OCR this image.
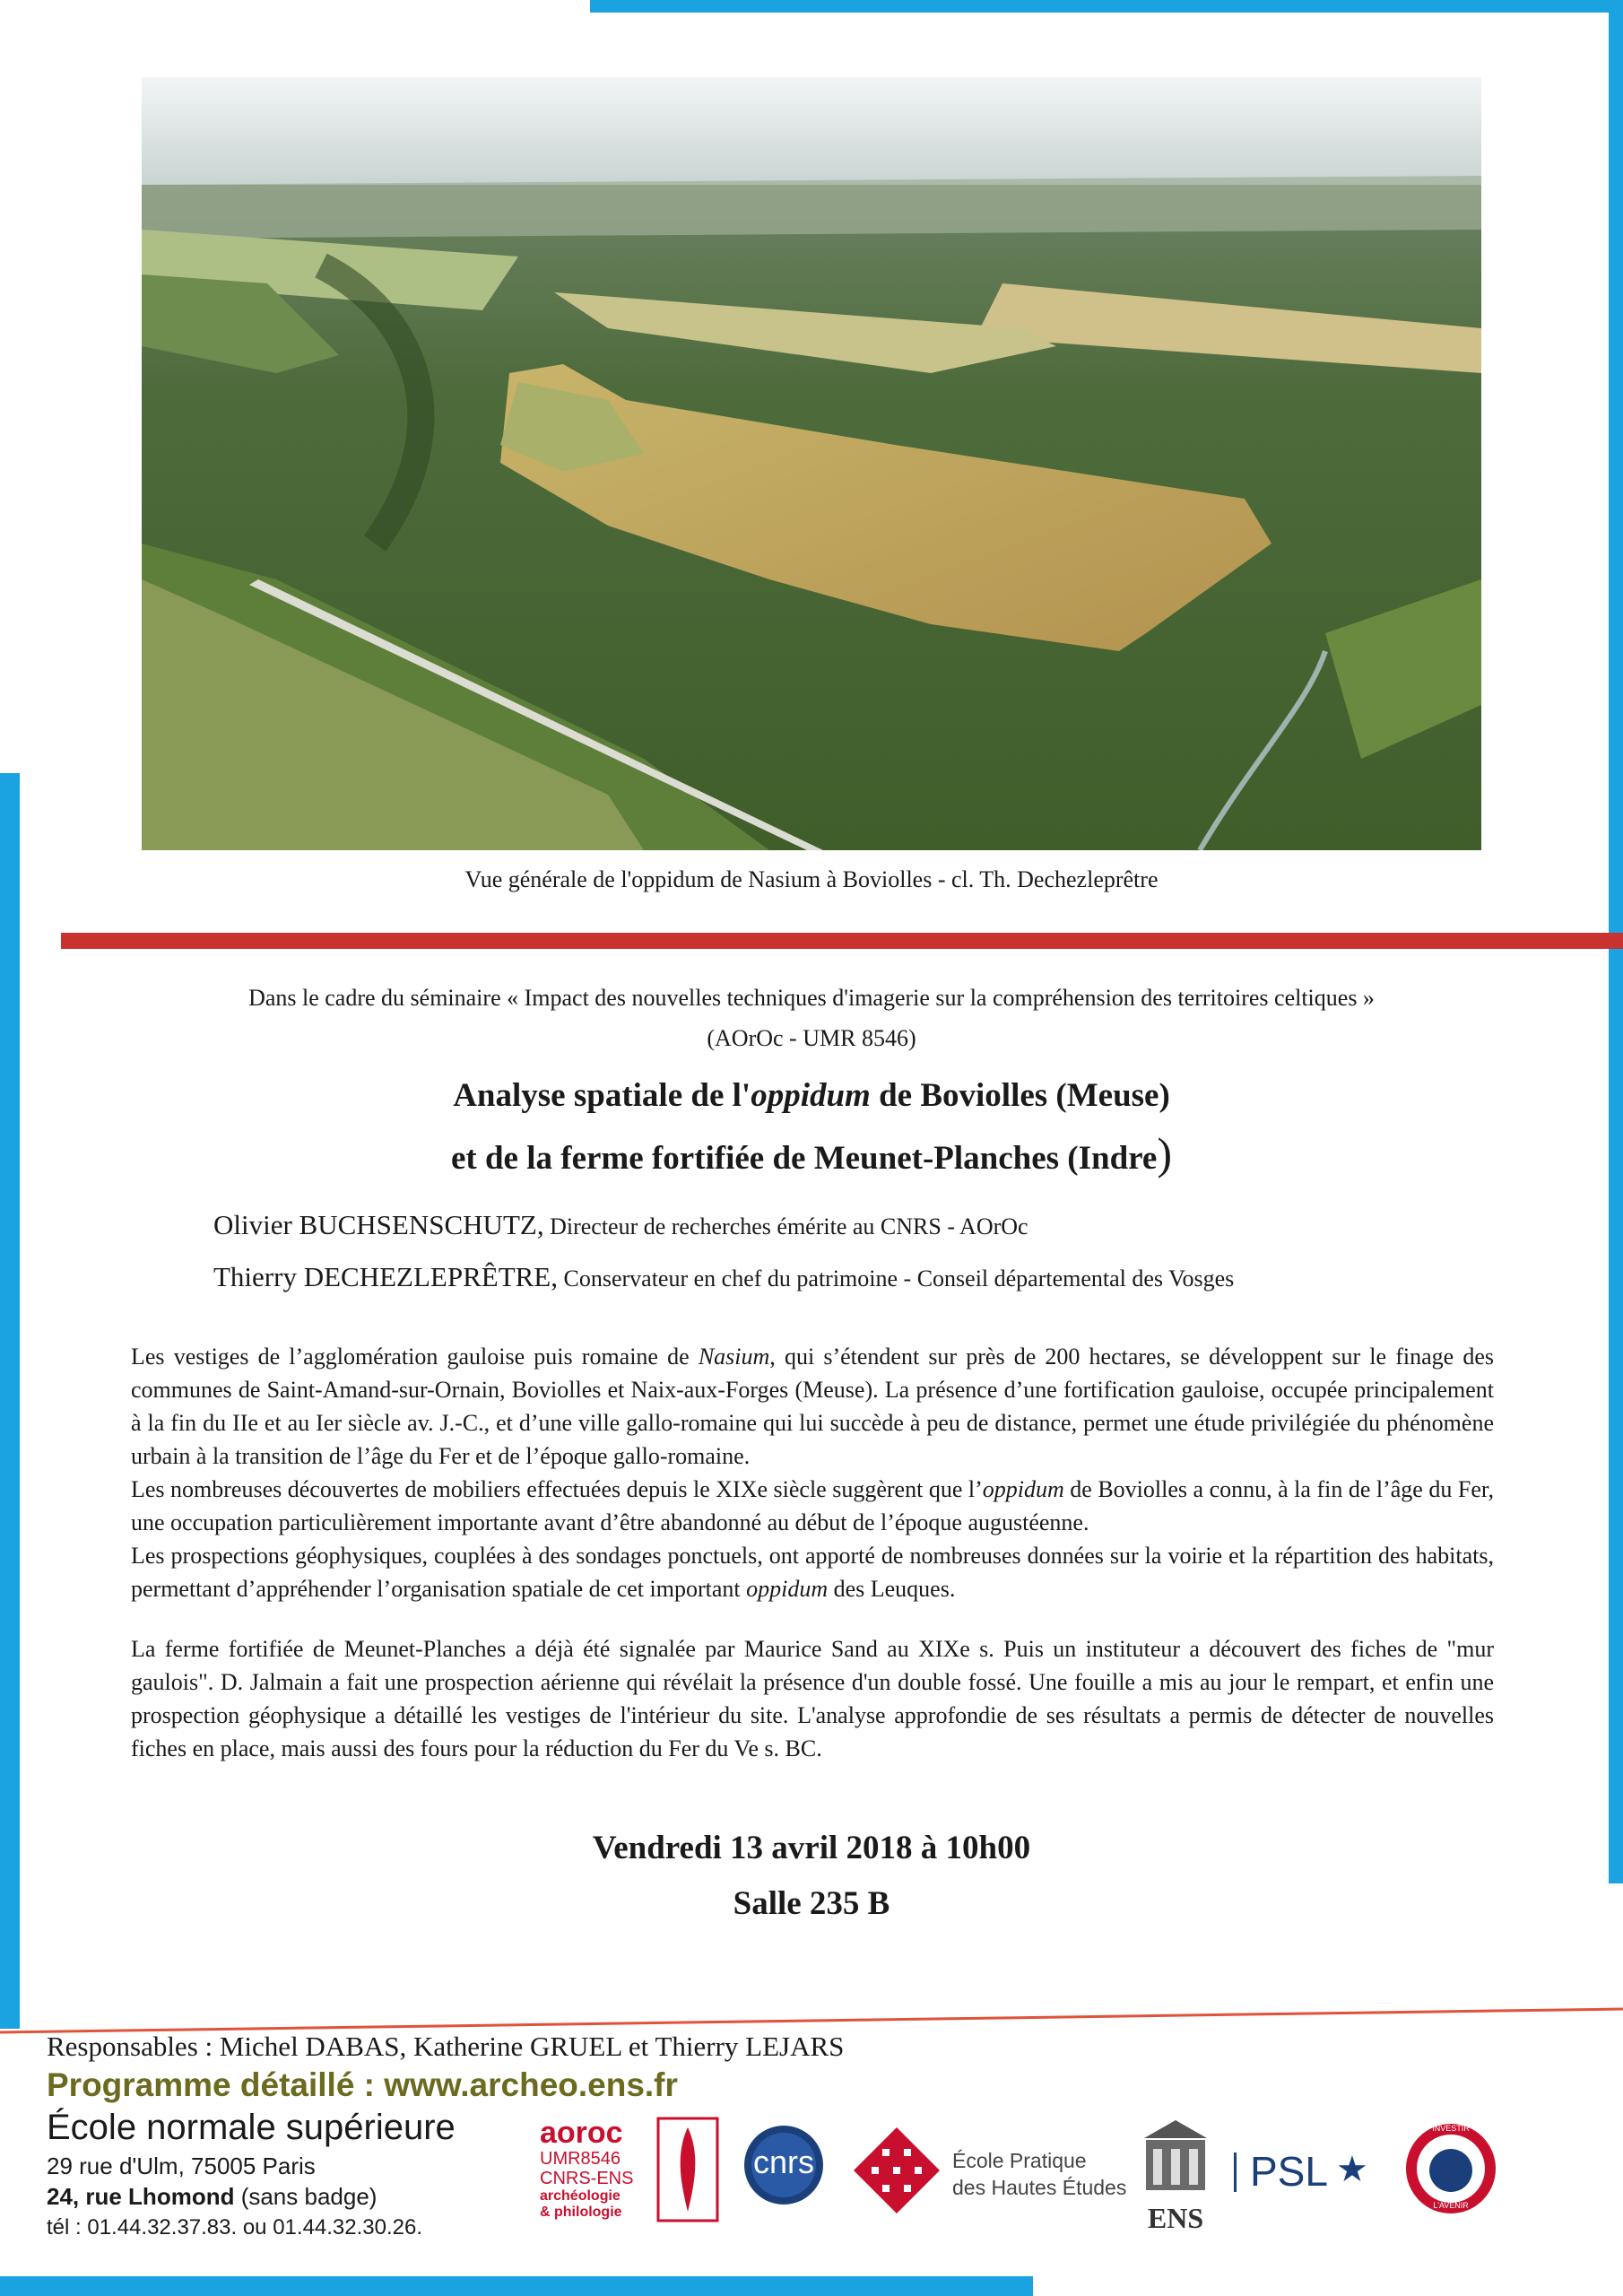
Vue générale de l'oppidum de Nasium à Boviolles - cl. Th. Dechezleprêtre
Dans le cadre du séminaire « Impact des nouvelles techniques d'imagerie sur la compréhension des territoires celtiques »
(AOrOc - UMR 8546)
Analyse spatiale de l'oppidum de Boviolles (Meuse)
et de la ferme fortifiée de Meunet-Planches (Indre)
Olivier BUCHSENSCHUTZ, Directeur de recherches émérite au CNRS - AOrOc
Thierry DECHEZLEPRÊTRE, Conservateur en chef du patrimoine - Conseil départemental des Vosges
Les vestiges de l’agglomération gauloise puis romaine de Nasium, qui s’étendent sur près de 200 hectares, se développent sur le finage des communes de Saint-Amand-sur-Ornain, Boviolles et Naix-aux-Forges (Meuse). La présence d’une fortification gauloise, occupée principalement à la fin du IIe et au Ier siècle av. J.-C., et d’une ville gallo-romaine qui lui succède à peu de distance, permet une étude privilégiée du phénomène urbain à la transition de l’âge du Fer et de l’époque gallo-romaine.
Les nombreuses découvertes de mobiliers effectuées depuis le XIXe siècle suggèrent que l’oppidum de Boviolles a connu, à la fin de l’âge du Fer, une occupation particulièrement importante avant d’être abandonné au début de l’époque augustéenne.
Les prospections géophysiques, couplées à des sondages ponctuels, ont apporté de nombreuses données sur la voirie et la répartition des habitats, permettant d’appréhender l’organisation spatiale de cet important oppidum des Leuques.
La ferme fortifiée de Meunet-Planches a déjà été signalée par Maurice Sand au XIXe s. Puis un instituteur a découvert des fiches de "mur gaulois". D. Jalmain a fait une prospection aérienne qui révélait la présence d'un double fossé. Une fouille a mis au jour le rempart, et enfin une prospection géophysique a détaillé les vestiges de l'intérieur du site. L'analyse approfondie de ses résultats a permis de détecter de nouvelles fiches en place, mais aussi des fours pour la réduction du Fer du Ve s. BC.
Vendredi 13 avril 2018 à 10h00
Salle 235 B
Responsables : Michel DABAS, Katherine GRUEL et Thierry LEJARS
Programme détaillé : www.archeo.ens.fr
École normale supérieure
29 rue d'Ulm, 75005 Paris
24, rue Lhomond (sans badge)
tél : 01.44.32.37.83. ou 01.44.32.30.26.
aoroc
UMR8546
CNRS-ENS
archéologie
& philologie
cnrs	École Pratique
des Hautes Études
ENS
PSL ★
INVESTIR
L'AVENIR
